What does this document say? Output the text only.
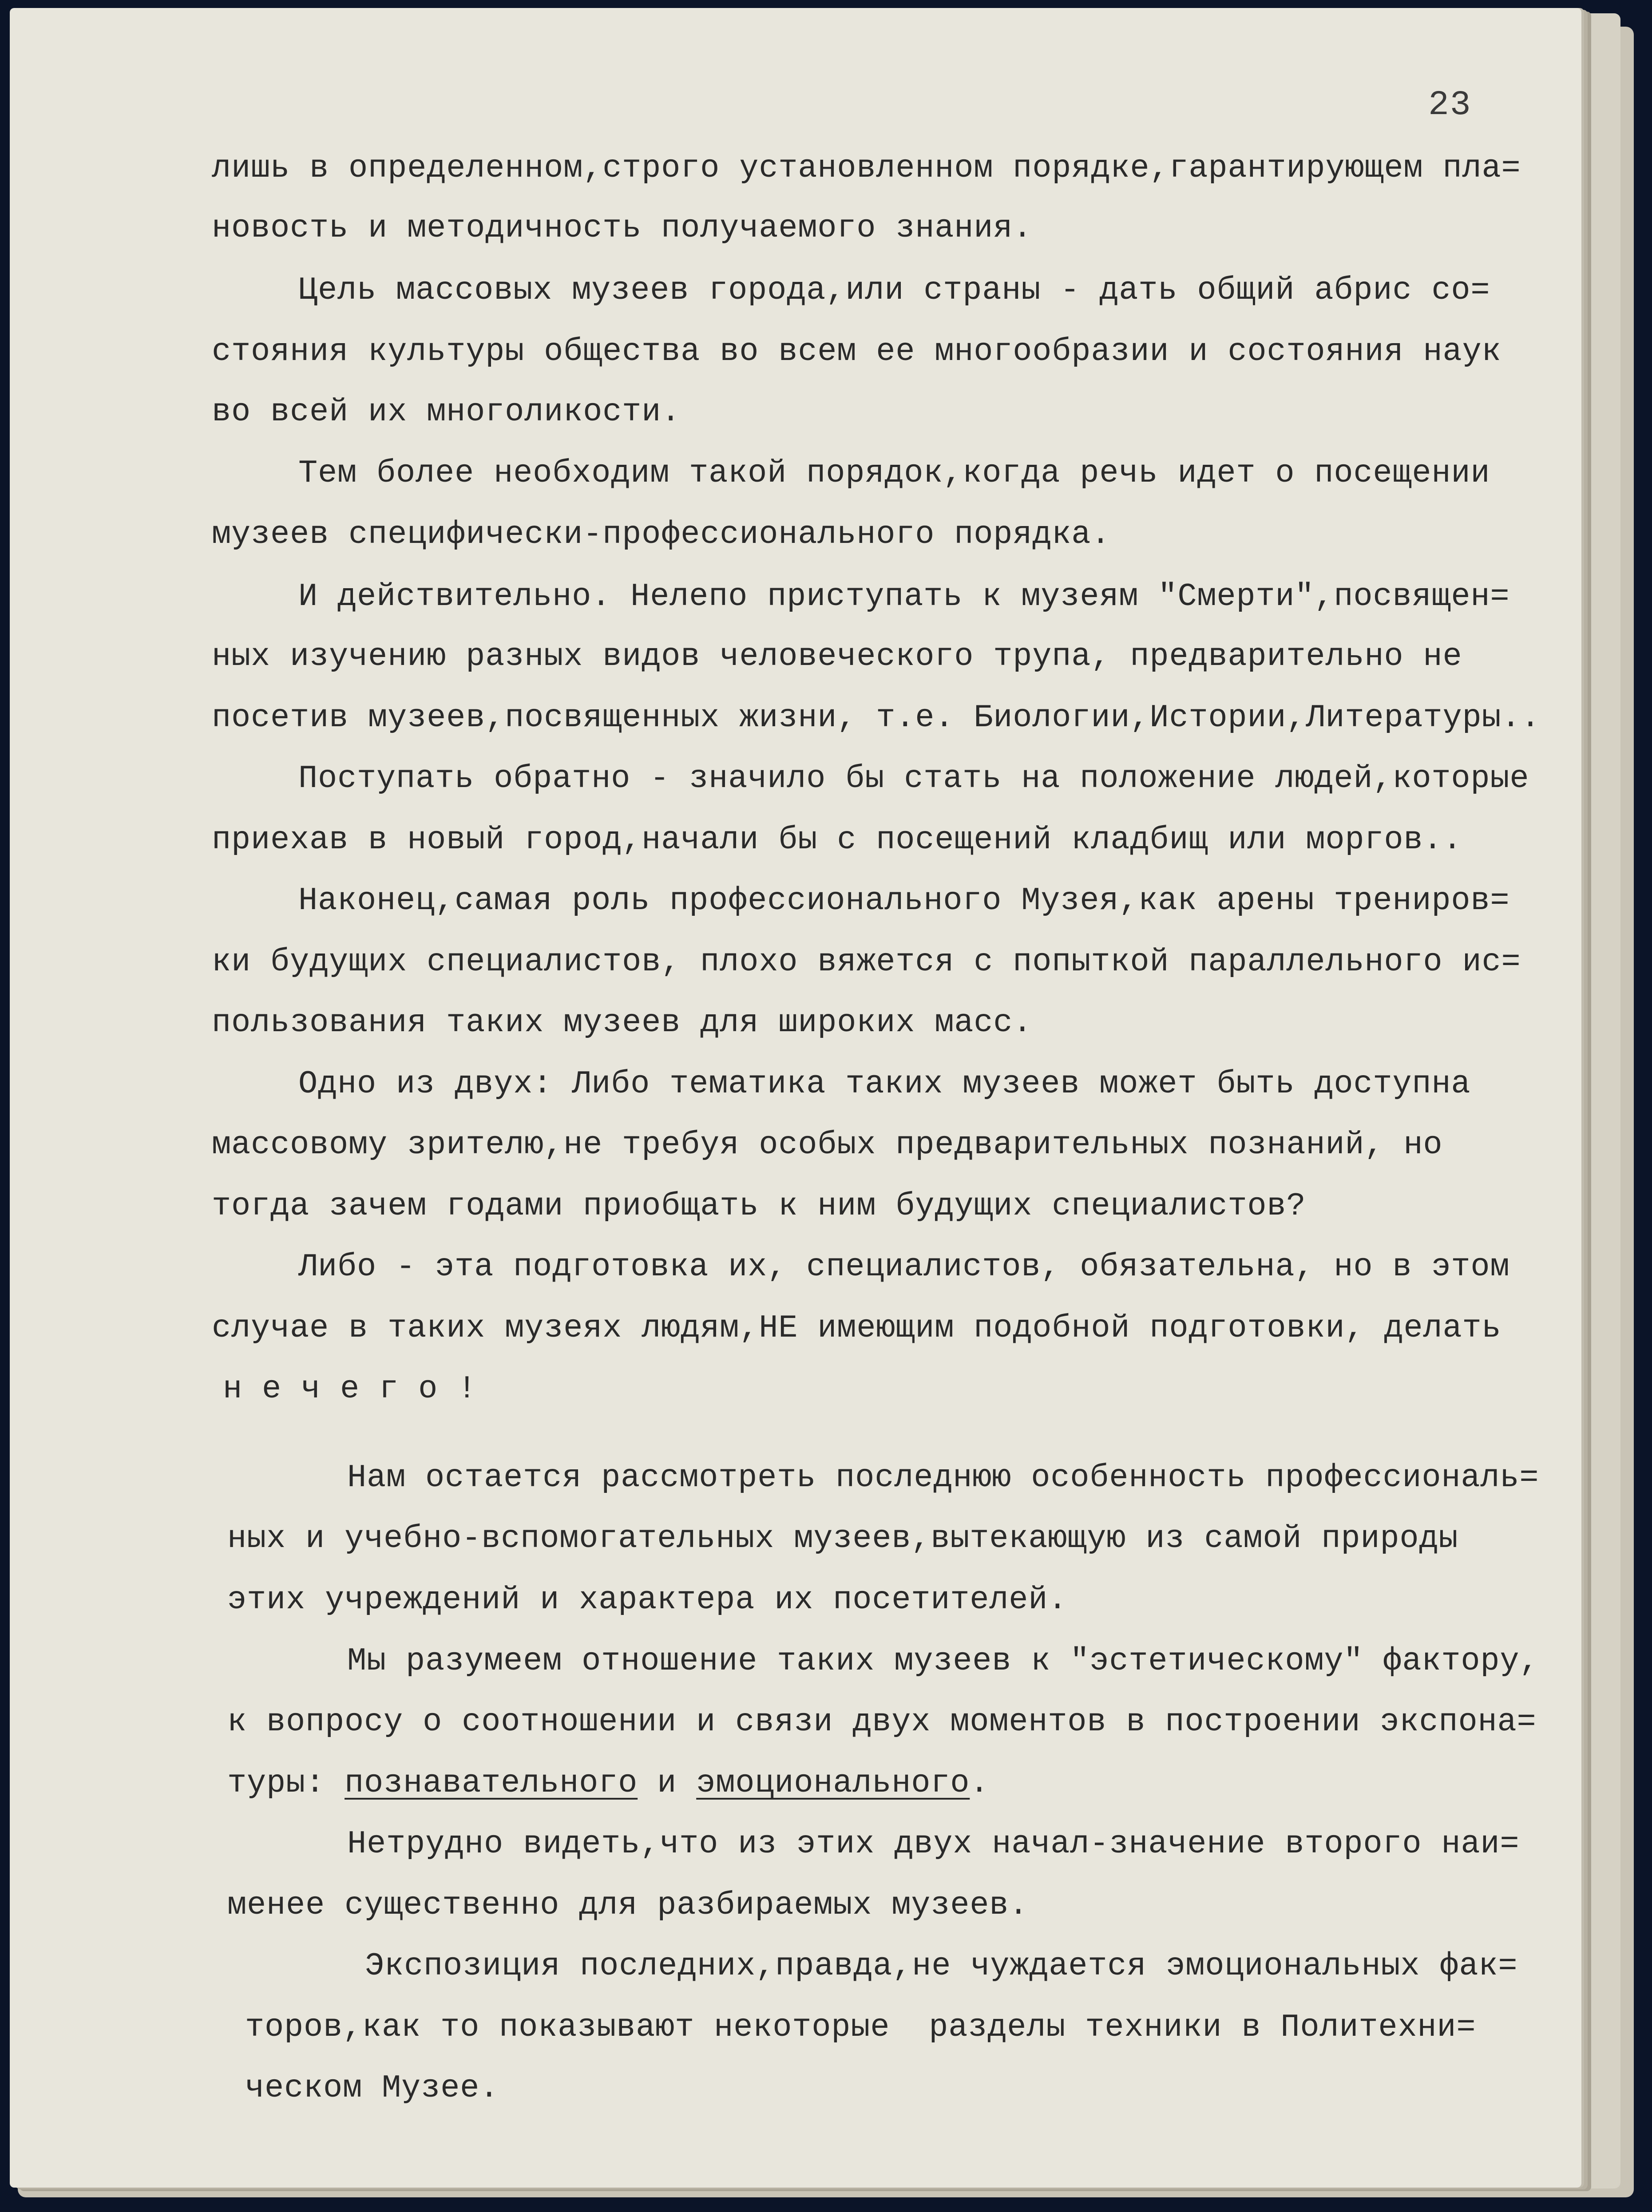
23
лишь в определенном,строго установленном порядке,гарантирующем пла=
новость и методичность получаемого знания.
Цель массовых музеев города,или страны - дать общий абрис со=
стояния культуры общества во всем ее многообразии и состояния наук
во всей их многоликости.
Тем более необходим такой порядок,когда речь идет о посещении
музеев специфически-профессионального порядка.
И действительно. Нелепо приступать к музеям "Смерти",посвящен=
ных изучению разных видов человеческого трупа, предварительно не
посетив музеев,посвященных жизни, т.е. Биологии,Истории,Литературы..
Поступать обратно - значило бы стать на положение людей,которые
приехав в новый город,начали бы с посещений кладбищ или моргов..
Наконец,самая роль профессионального Музея,как арены трениров=
ки будущих специалистов, плохо вяжется с попыткой параллельного ис=
пользования таких музеев для широких масс.
Одно из двух: Либо тематика таких музеев может быть доступна
массовому зрителю,не требуя особых предварительных познаний, но
тогда зачем годами приобщать к ним будущих специалистов?
Либо - эта подготовка их, специалистов, обязательна, но в этом
случае в таких музеях людям,НЕ имеющим подобной подготовки, делать
н е ч е г о !
Нам остается рассмотреть последнюю особенность профессиональ=
ных и учебно-вспомогательных музеев,вытекающую из самой природы
этих учреждений и характера их посетителей.
Мы разумеем отношение таких музеев к "эстетическому" фактору,
к вопросу о соотношении и связи двух моментов в построении экспона=
туры: познавательного и эмоционального.
Нетрудно видеть,что из этих двух начал-значение второго наи=
менее существенно для разбираемых музеев.
Экспозиция последних,правда,не чуждается эмоциональных фак=
торов,как то показывают некоторые  разделы техники в Политехни=
ческом Музее.
